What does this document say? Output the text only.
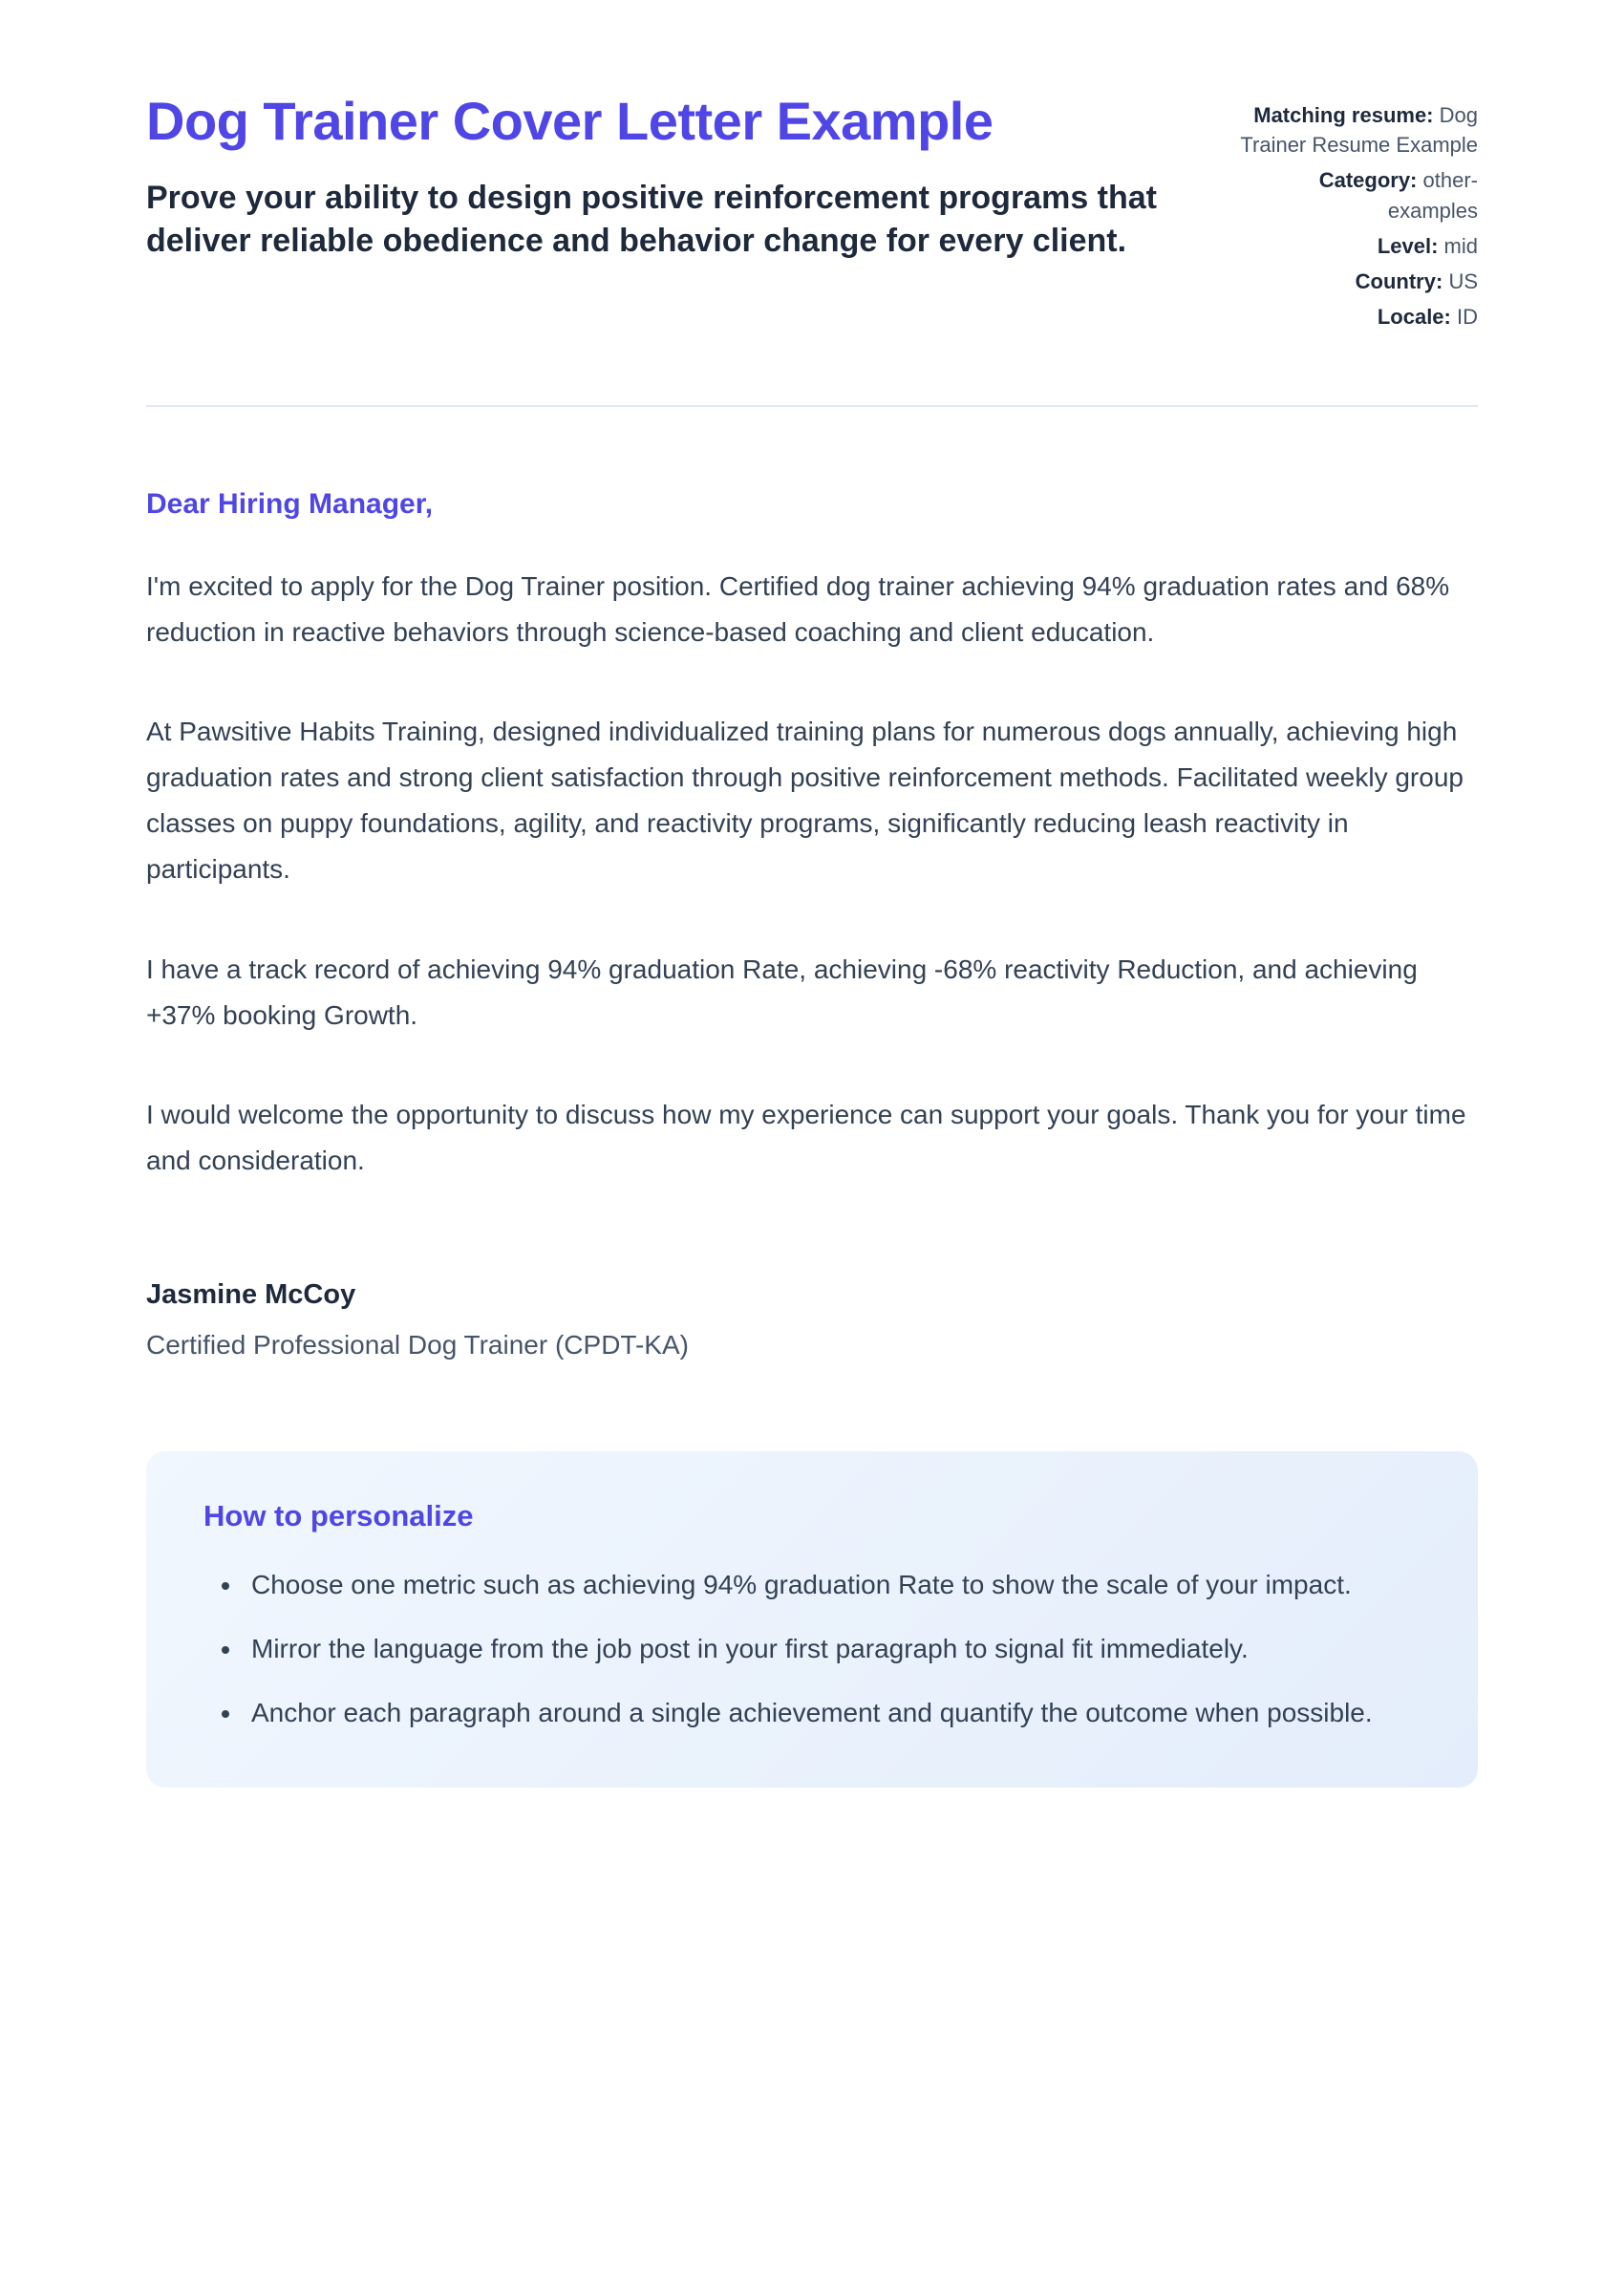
Dog Trainer Cover Letter Example
Prove your ability to design positive reinforcement programs that deliver reliable obedience and behavior change for every client.
Matching resume: Dog Trainer Resume Example
Category: other-examples
Level: mid
Country: US
Locale: ID

Dear Hiring Manager,

I'm excited to apply for the Dog Trainer position. Certified dog trainer achieving 94% graduation rates and 68% reduction in reactive behaviors through science-based coaching and client education.

At Pawsitive Habits Training, designed individualized training plans for numerous dogs annually, achieving high graduation rates and strong client satisfaction through positive reinforcement methods. Facilitated weekly group classes on puppy foundations, agility, and reactivity programs, significantly reducing leash reactivity in participants.

I have a track record of achieving 94% graduation Rate, achieving -68% reactivity Reduction, and achieving +37% booking Growth.

I would welcome the opportunity to discuss how my experience can support your goals. Thank you for your time and consideration.

Jasmine McCoy

Certified Professional Dog Trainer (CPDT-KA)

How to personalize
• Choose one metric such as achieving 94% graduation Rate to show the scale of your impact.
• Mirror the language from the job post in your first paragraph to signal fit immediately.
• Anchor each paragraph around a single achievement and quantify the outcome when possible.
